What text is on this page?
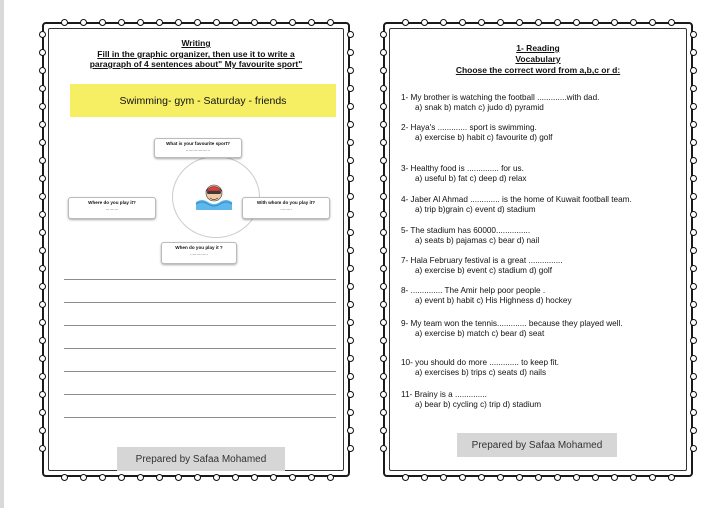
Writing
Fill in the graphic organizer, then use it to write a
paragraph of 4 sentences about" My favourite sport"
Swimming- gym - Saturday - friends
What is your favourite sport?
...................
Where do you play it?
..........
With whom do you play it?
.........
When do you play it ?
..............
Prepared by Safaa Mohamed
1- Reading
Vocabulary
Choose the correct word from a,b,c or d:
1- My brother is watching the football .............with dad.
a) snak b) match c) judo d) pyramid
2- Haya's ............. sport is swimming.
a) exercise b) habit c) favourite d) golf
3- Healthy food is .............. for us.
a) useful b) fat c) deep d) relax
4- Jaber Al Ahmad ............. is the home of Kuwait football team.
a) trip b)grain c) event d) stadium
5- The stadium has 60000...............
a) seats b) pajamas c) bear d) nail
7- Hala February festival is a great ...............
a) exercise b) event c) stadium d) golf
8- .............. The Amir help poor people .
a) event b) habit c) His Highness d) hockey
9- My team won the tennis............. because they played well.
a) exercise b) match c) bear d) seat
10- you should do more ............. to keep fit.
a) exercises b) trips c) seats d) nails
11- Brainy is a ..............
a) bear b) cycling c) trip d) stadium
Prepared by Safaa Mohamed
